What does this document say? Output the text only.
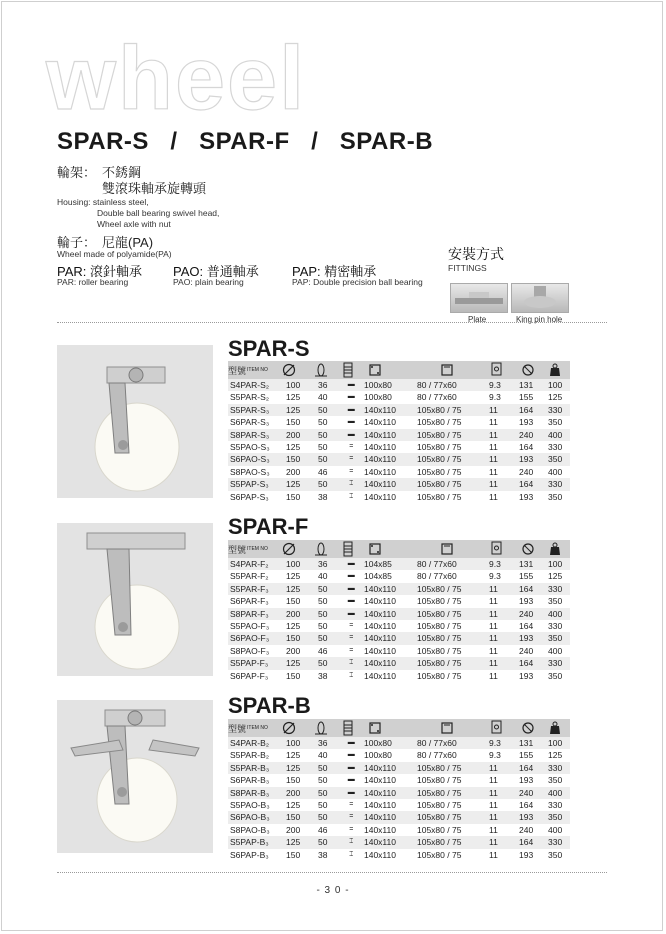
wheel
SPAR-S   /   SPAR-F   /   SPAR-B
輪架： 不銹鋼
雙滾珠軸承旋轉頭
Housing: stainless steel,
Double ball bearing swivel head,
Wheel axle with nut
輪子： 尼龍(PA)
Wheel made of polyamide(PA)
PAR: 滾針軸承 PAO: 普通軸承	PAP: 精密軸承
PAR: roller bearing	PAO: plain bearing	PAP: Double precision ball bearing
安裝方式
FITTINGS
Plate	King pin hole
SPAR-S
型號 ITEM NO
S4PAR-S₂ 100 36	▬	100x80	80 / 77x60	9.3 131 100
S5PAR-S₂ 125 40	▬	100x80	80 / 77x60	9.3 155 125
S5PAR-S₃ 125 50	▬	140x110 105x80 / 75	11 164 330
S6PAR-S₃ 150 50	▬	140x110 105x80 / 75	11 193 350
S8PAR-S₃ 200 50	▬	140x110 105x80 / 75	11 240 400
S5PAO-S₃ 125 50	=	140x110 105x80 / 75	11 164 330
S6PAO-S₃ 150 50	=	140x110 105x80 / 75	11 193 350
S8PAO-S₃ 200 46	=	140x110 105x80 / 75	11 240 400
S5PAP-S₃ 125 50	⌶	140x110 105x80 / 75	11 164 330
S6PAP-S₃ 150 38	⌶	140x110 105x80 / 75	11 193 350
SPAR-F
型號 ITEM NO
S4PAR-F₂ 100 36	▬	104x85	80 / 77x60	9.3 131 100
S5PAR-F₂ 125 40	▬	104x85	80 / 77x60	9.3 155 125
S5PAR-F₃ 125 50	▬	140x110 105x80 / 75	11 164 330
S6PAR-F₃ 150 50	▬	140x110 105x80 / 75	11 193 350
S8PAR-F₃ 200 50	▬	140x110 105x80 / 75	11 240 400
S5PAO-F₃ 125 50	=	140x110 105x80 / 75	11 164 330
S6PAO-F₃ 150 50	=	140x110 105x80 / 75	11 193 350
S8PAO-F₃ 200 46	=	140x110 105x80 / 75	11 240 400
S5PAP-F₃ 125 50	⌶	140x110 105x80 / 75	11 164 330
S6PAP-F₃ 150 38	⌶	140x110 105x80 / 75	11 193 350
SPAR-B
型號 ITEM NO
S4PAR-B₂ 100 36	▬	100x80	80 / 77x60	9.3 131 100
S5PAR-B₂ 125 40	▬	100x80	80 / 77x60	9.3 155 125
S5PAR-B₃ 125 50	▬	140x110 105x80 / 75	11 164 330
S6PAR-B₃ 150 50	▬	140x110 105x80 / 75	11 193 350
S8PAR-B₃ 200 50	▬	140x110 105x80 / 75	11 240 400
S5PAO-B₃ 125 50	=	140x110 105x80 / 75	11 164 330
S6PAO-B₃ 150 50	=	140x110 105x80 / 75	11 193 350
S8PAO-B₃ 200 46	=	140x110 105x80 / 75	11 240 400
S5PAP-B₃ 125 50	⌶	140x110 105x80 / 75	11 164 330
S6PAP-B₃ 150 38	⌶	140x110 105x80 / 75	11 193 350
- 3 0 -
